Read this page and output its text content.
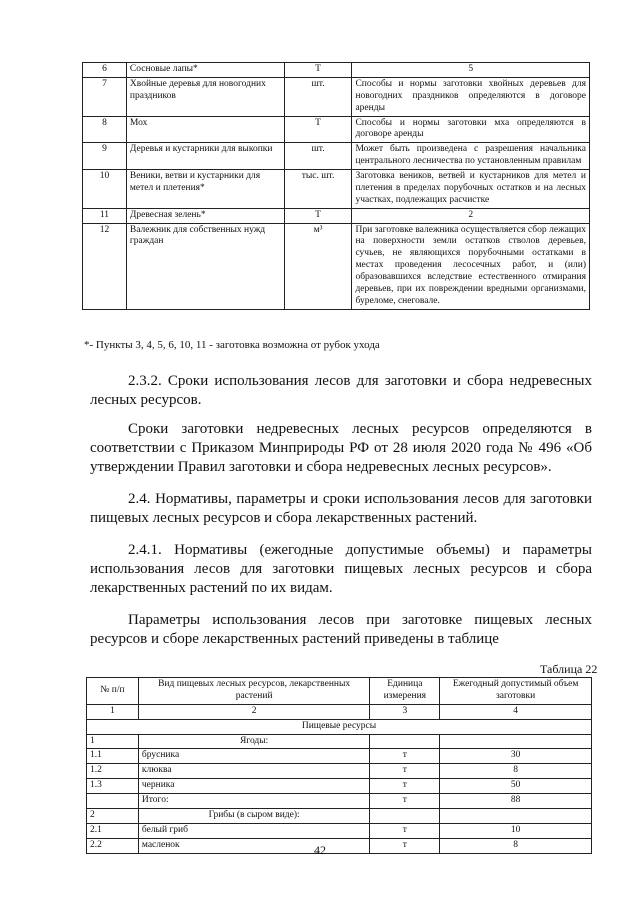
6	Сосновые лапы*	Т	5
7	Хвойные деревья для новогодних праздников	шт.	Способы и нормы заготовки хвойных деревьев для новогодних праздников определяются в договоре аренды
8	Мох	Т	Способы и нормы заготовки мха определяются в договоре аренды
9	Деревья и кустарники для выкопки	шт.	Может быть произведена с разрешения начальника центрального лесничества по установленным правилам
10	Веники, ветви и кустарники для метел и плетения*	тыс. шт.	Заготовка веников, ветвей и кустарников для метел и плетения в пределах порубочных остатков и на лесных участках, подлежащих расчистке
11	Древесная зелень*	Т	2
12	Валежник для собственных нужд граждан	м³	При заготовке валежника осуществляется сбор лежащих на поверхности земли остатков стволов деревьев, сучьев, не являющихся порубочными остатками в местах проведения лесосечных работ, и (или) образовавшихся вследствие естественного отмирания деревьев, при их повреждении вредными организмами, буреломе, снеговале.
*- Пункты 3, 4, 5, 6, 10, 11 - заготовка возможна от рубок ухода

2.3.2. Сроки использования лесов для заготовки и сбора недревесных лесных ресурсов.

Сроки заготовки недревесных лесных ресурсов определяются в соответствии с Приказом Минприроды РФ от 28 июля 2020 года № 496 «Об утверждении Правил заготовки и сбора недревесных лесных ресурсов».

2.4. Нормативы, параметры и сроки использования лесов для заготовки пищевых лесных ресурсов и сбора лекарственных растений.

2.4.1. Нормативы (ежегодные допустимые объемы) и параметры использования лесов для заготовки пищевых лесных ресурсов и сбора лекарственных растений по их видам.

Параметры использования лесов при заготовке пищевых лесных ресурсов и сборе лекарственных растений приведены в таблице

Таблица 22
№ п/п	Вид пищевых лесных ресурсов, лекарственных растений	Единица измерения	Ежегодный допустимый объем заготовки
1	2	3	4
Пищевые ресурсы			
1	Ягоды:		
1.1	брусника	т	30
1.2	клюква	т	8
1.3	черника	т	50
	Итого:	т	88
2	Грибы (в сыром виде):		
2.1	белый гриб	т	10
2.2	масленок	т	8
42
